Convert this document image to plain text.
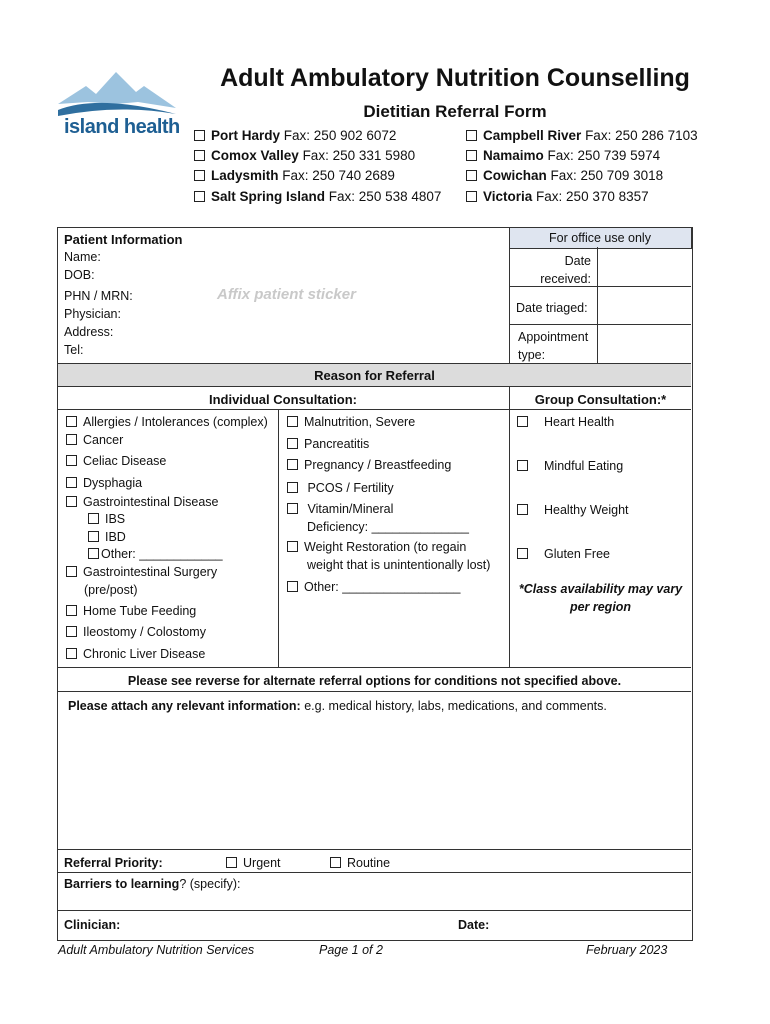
island health
Adult Ambulatory Nutrition Counselling
Dietitian Referral Form
Port Hardy Fax: 250 902 6072
Comox Valley Fax: 250 331 5980
Ladysmith Fax: 250 740 2689
Salt Spring Island Fax: 250 538 4807
Campbell River Fax: 250 286 7103
Namaimo Fax: 250 739 5974
Cowichan Fax: 250 709 3018
Victoria Fax: 250 370 8357
Patient Information
Name:
DOB:
PHN / MRN:
Physician:
Address:
Tel:
Affix patient sticker
For office use only
Date
received:
Date triaged:
Appointment
type:
Reason for Referral
Individual Consultation:	Group Consultation:*
Allergies / Intolerances (complex)
Cancer
Celiac Disease
Dysphagia
Gastrointestinal Disease
IBS
IBD
Other: ____________
Gastrointestinal Surgery
(pre/post)
Home Tube Feeding
Ileostomy / Colostomy
Chronic Liver Disease
Malnutrition, Severe
Pancreatitis
Pregnancy / Breastfeeding
PCOS / Fertility
Vitamin/Mineral
Deficiency: ______________
Weight Restoration (to regain
weight that is unintentionally lost)
Other: _________________
Heart Health
Mindful Eating
Healthy Weight
Gluten Free
*Class availability may vary
per region
Please see reverse for alternate referral options for conditions not specified above.
Please attach any relevant information: e.g. medical history, labs, medications, and comments.
Referral Priority:	Urgent	Routine
Barriers to learning? (specify):
Clinician:	Date:
Adult Ambulatory Nutrition Services	Page 1 of 2	February 2023
